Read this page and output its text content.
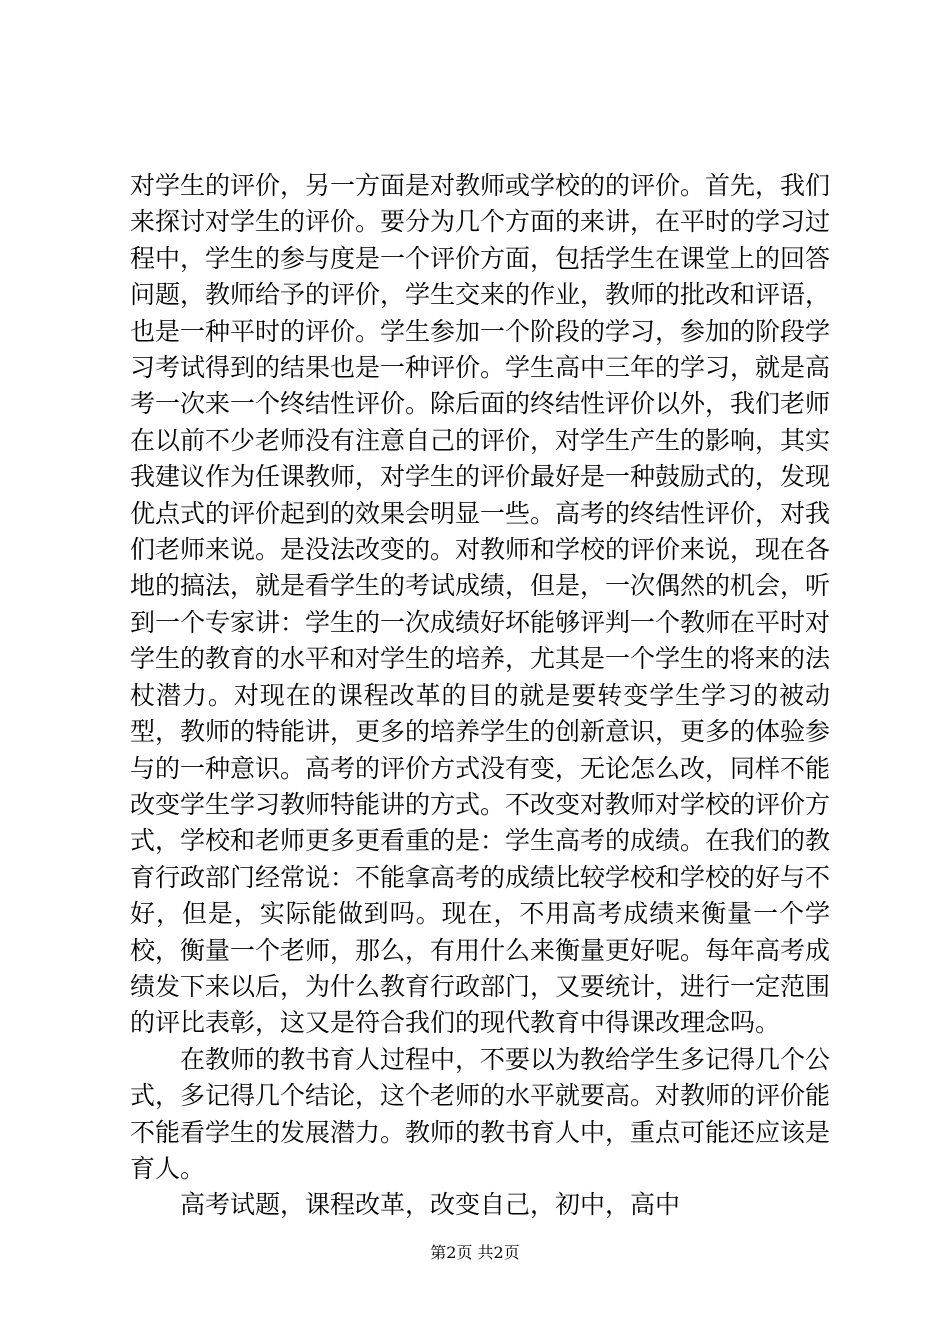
对学生的评价，另一方面是对教师或学校的的评价。首先，我们来探讨对学生的评价。要分为几个方面的来讲，在平时的学习过程中，学生的参与度是一个评价方面，包括学生在课堂上的回答问题，教师给予的评价，学生交来的作业，教师的批改和评语，也是一种平时的评价。学生参加一个阶段的学习，参加的阶段学习考试得到的结果也是一种评价。学生高中三年的学习，就是高考一次来一个终结性评价。除后面的终结性评价以外，我们老师在以前不少老师没有注意自己的评价，对学生产生的影响，其实我建议作为任课教师，对学生的评价最好是一种鼓励式的，发现优点式的评价起到的效果会明显一些。高考的终结性评价，对我们老师来说。是没法改变的。对教师和学校的评价来说，现在各地的搞法，就是看学生的考试成绩，但是，一次偶然的机会，听到一个专家讲：学生的一次成绩好坏能够评判一个教师在平时对学生的教育的水平和对学生的培养，尤其是一个学生的将来的法杖潜力。对现在的课程改革的目的就是要转变学生学习的被动型，教师的特能讲，更多的培养学生的创新意识，更多的体验参与的一种意识。高考的评价方式没有变，无论怎么改，同样不能改变学生学习教师特能讲的方式。不改变对教师对学校的评价方式，学校和老师更多更看重的是：学生高考的成绩。在我们的教育行政部门经常说：不能拿高考的成绩比较学校和学校的好与不好，但是，实际能做到吗。现在，不用高考成绩来衡量一个学校，衡量一个老师，那么，有用什么来衡量更好呢。每年高考成绩发下来以后，为什么教育行政部门，又要统计，进行一定范围的评比表彰，这又是符合我们的现代教育中得课改理念吗。

在教师的教书育人过程中，不要以为教给学生多记得几个公式，多记得几个结论，这个老师的水平就要高。对教师的评价能不能看学生的发展潜力。教师的教书育人中，重点可能还应该是育人。

高考试题，课程改革，改变自己，初中，高中

第2页 共2页
